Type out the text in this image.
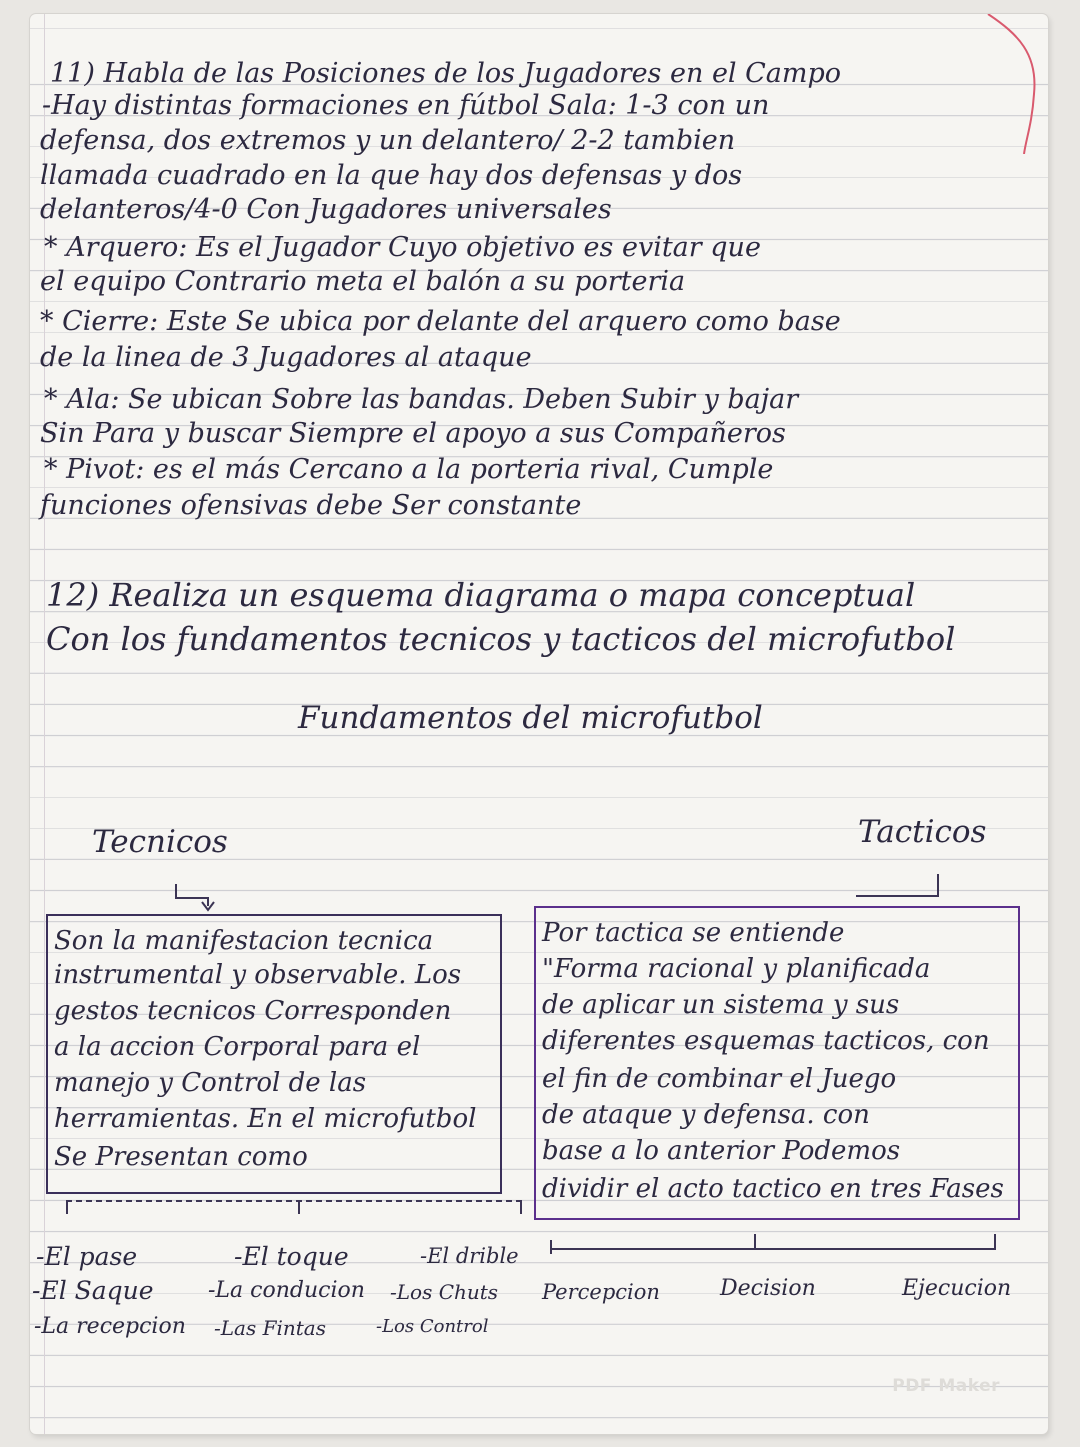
11) Habla de las Posiciones de los Jugadores en el Campo
-Hay distintas formaciones en fútbol Sala: 1-3 con un
defensa, dos extremos y un delantero/ 2-2 tambien
llamada cuadrado en la que hay dos defensas y dos
delanteros/4-0 Con Jugadores universales
* Arquero: Es el Jugador Cuyo objetivo es evitar que
el equipo Contrario meta el balón a su porteria
* Cierre: Este Se ubica por delante del arquero como base
de la linea de 3 Jugadores al ataque
* Ala: Se ubican Sobre las bandas. Deben Subir y bajar
Sin Para y buscar Siempre el apoyo a sus Compañeros
* Pivot: es el más Cercano a la porteria rival, Cumple
funciones ofensivas debe Ser constante
12) Realiza un esquema diagrama o mapa conceptual
Con los fundamentos tecnicos y tacticos del microfutbol
Fundamentos del microfutbol
Tecnicos	Tacticos
Son la manifestacion tecnica
instrumental y observable. Los
gestos tecnicos Corresponden
a la accion Corporal para el
manejo y Control de las
herramientas. En el microfutbol
Se Presentan como
Por tactica se entiende
"Forma racional y planificada
de aplicar un sistema y sus
diferentes esquemas tacticos, con
el fin de combinar el Juego
de ataque y defensa. con
base a lo anterior Podemos
dividir el acto tactico en tres Fases
-El pase	-El toque	-El drible
-El Saque -La conducion -Los Chuts
-La recepcion -Las Fintas	-Los Control
Percepcion	Decision	Ejecucion
PDF Maker
